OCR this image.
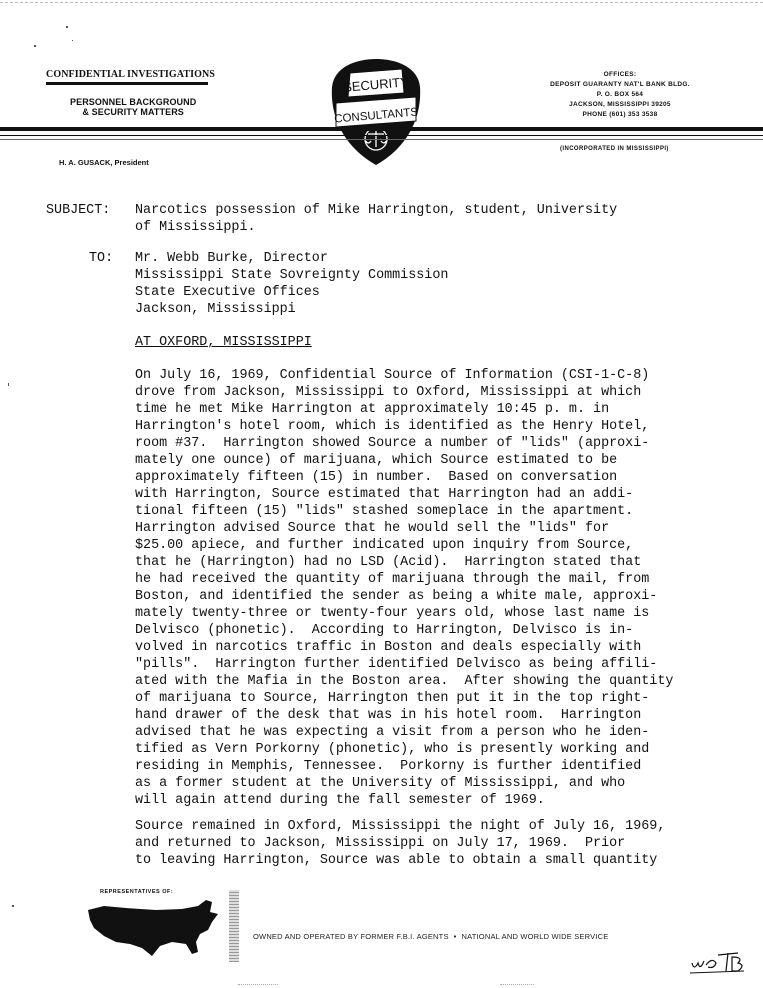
CONFIDENTIAL INVESTIGATIONS
PERSONNEL BACKGROUND
& SECURITY MATTERS
SECURITY
CONSULTANTS
OFFICES:
DEPOSIT GUARANTY NAT'L BANK BLDG.
P. O. BOX 564
JACKSON, MISSISSIPPI 39205
PHONE (601) 353 3538
(INCORPORATED IN MISSISSIPPI)
H. A. GUSACK, President
SUBJECT: Narcotics possession of Mike Harrington, student, University
of Mississippi.
TO: Mr. Webb Burke, Director
Mississippi State Sovreignty Commission
State Executive Offices
Jackson, Mississippi
AT OXFORD, MISSISSIPPI
On July 16, 1969, Confidential Source of Information (CSI-1-C-8)
drove from Jackson, Mississippi to Oxford, Mississippi at which
time he met Mike Harrington at approximately 10:45 p. m. in
Harrington's hotel room, which is identified as the Henry Hotel,
room #37.  Harrington showed Source a number of "lids" (approxi-
mately one ounce) of marijuana, which Source estimated to be
approximately fifteen (15) in number.  Based on conversation
with Harrington, Source estimated that Harrington had an addi-
tional fifteen (15) "lids" stashed someplace in the apartment.
Harrington advised Source that he would sell the "lids" for
$25.00 apiece, and further indicated upon inquiry from Source,
that he (Harrington) had no LSD (Acid).  Harrington stated that
he had received the quantity of marijuana through the mail, from
Boston, and identified the sender as being a white male, approxi-
mately twenty-three or twenty-four years old, whose last name is
Delvisco (phonetic).  According to Harrington, Delvisco is in-
volved in narcotics traffic in Boston and deals especially with
"pills".  Harrington further identified Delvisco as being affili-
ated with the Mafia in the Boston area.  After showing the quantity
of marijuana to Source, Harrington then put it in the top right-
hand drawer of the desk that was in his hotel room.  Harrington
advised that he was expecting a visit from a person who he iden-
tified as Vern Porkorny (phonetic), who is presently working and
residing in Memphis, Tennessee.  Porkorny is further identified
as a former student at the University of Mississippi, and who
will again attend during the fall semester of 1969.
Source remained in Oxford, Mississippi the night of July 16, 1969,
and returned to Jackson, Mississippi on July 17, 1969.  Prior
to leaving Harrington, Source was able to obtain a small quantity
REPRESENTATIVES OF:
OWNED AND OPERATED BY FORMER F.B.I. AGENTS • NATIONAL AND WORLD WIDE SERVICE
